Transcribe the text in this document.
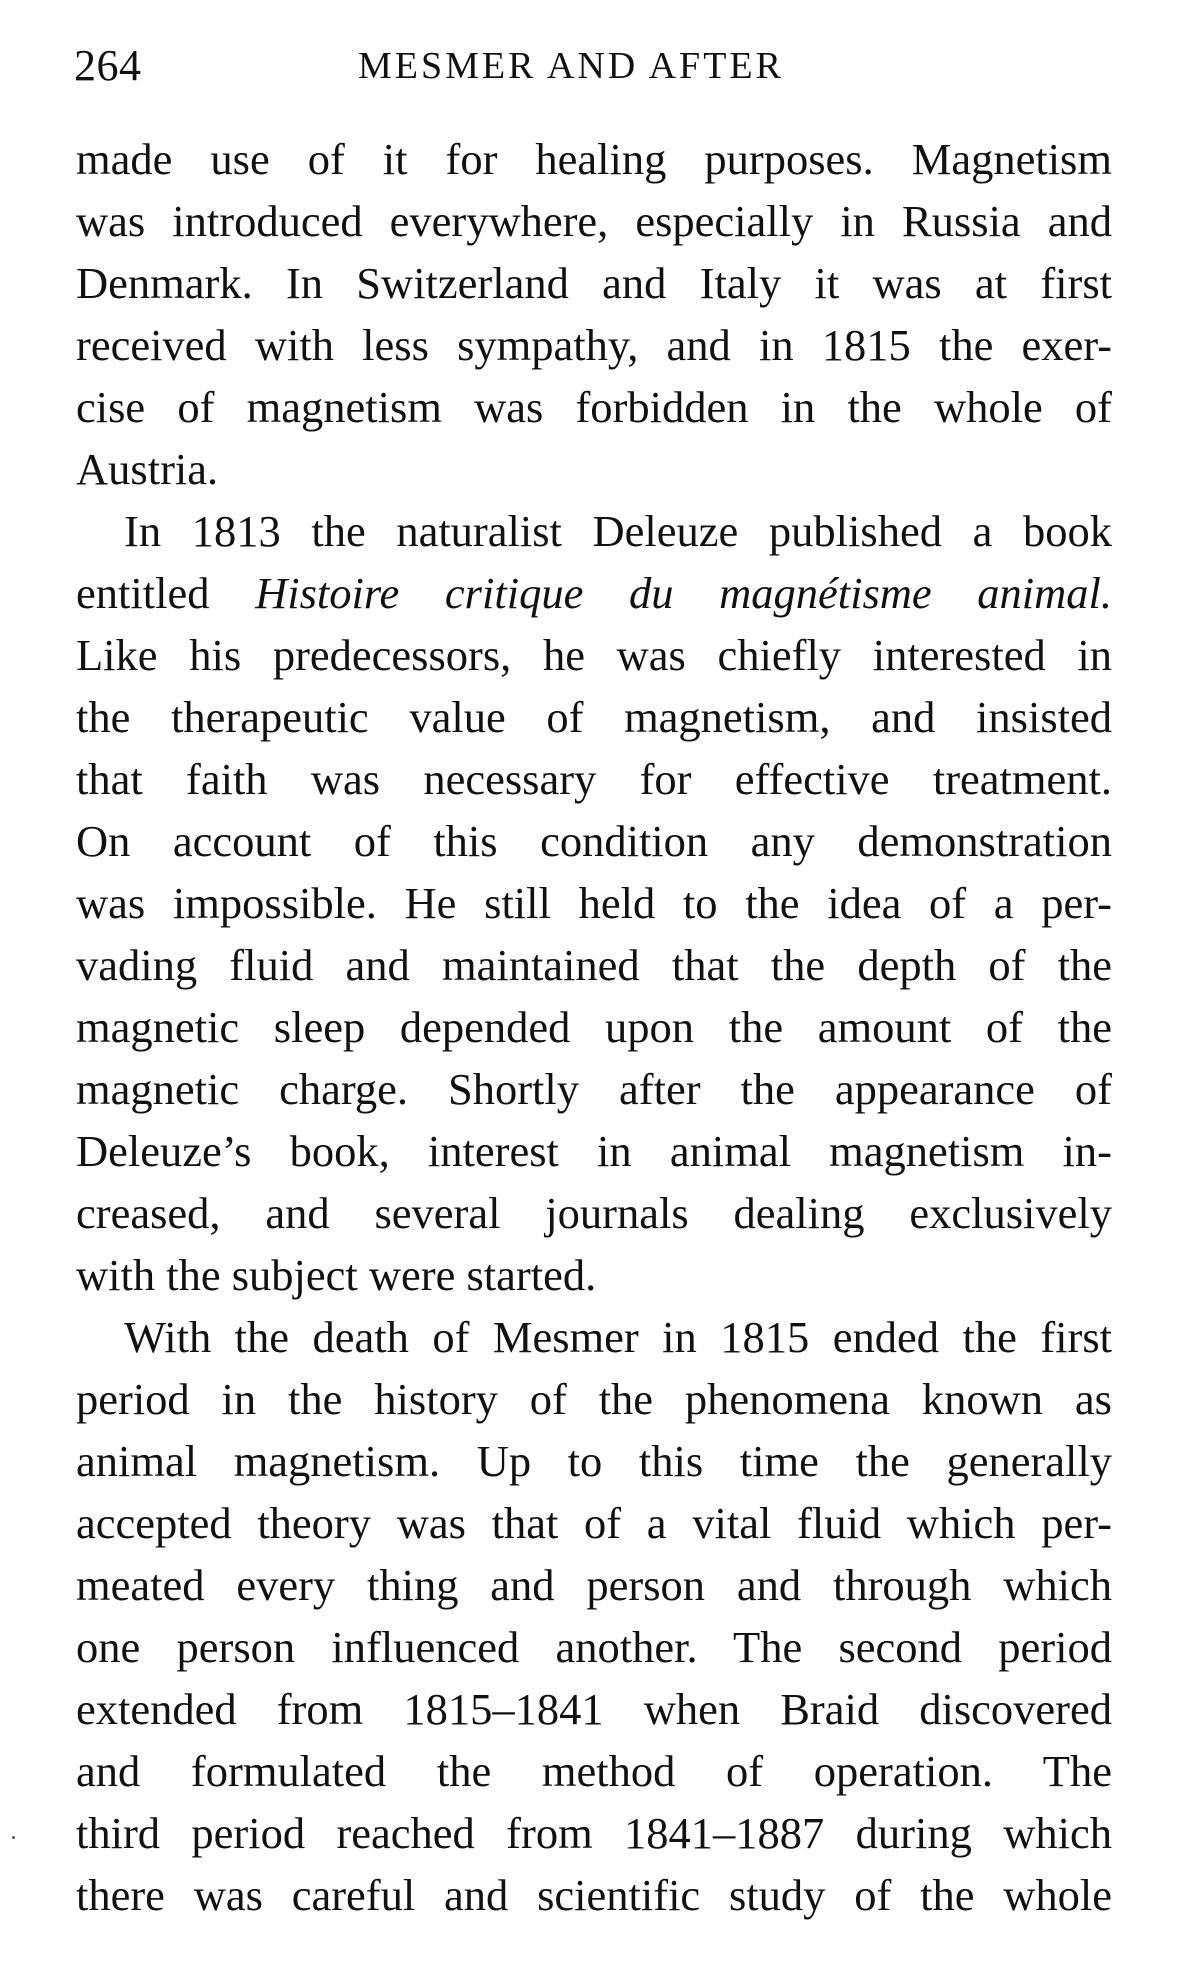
264	MESMER AND AFTER
made use of it for healing purposes. Magnetism
was introduced everywhere, especially in Russia and
Denmark. In Switzerland and Italy it was at first
received with less sympathy, and in 1815 the exer-
cise of magnetism was forbidden in the whole of
Austria.
In 1813 the naturalist Deleuze published a book
entitled Histoire critique du magnétisme animal.
Like his predecessors, he was chiefly interested in
the therapeutic value of magnetism, and insisted
that faith was necessary for effective treatment.
On account of this condition any demonstration
was impossible. He still held to the idea of a per-
vading fluid and maintained that the depth of the
magnetic sleep depended upon the amount of the
magnetic charge. Shortly after the appearance of
Deleuze’s book, interest in animal magnetism in-
creased, and several journals dealing exclusively
with the subject were started.
With the death of Mesmer in 1815 ended the first
period in the history of the phenomena known as
animal magnetism. Up to this time the generally
accepted theory was that of a vital fluid which per-
meated every thing and person and through which
one person influenced another. The second period
extended from 1815–1841 when Braid discovered
and formulated the method of operation. The
third period reached from 1841–1887 during which
there was careful and scientific study of the whole
